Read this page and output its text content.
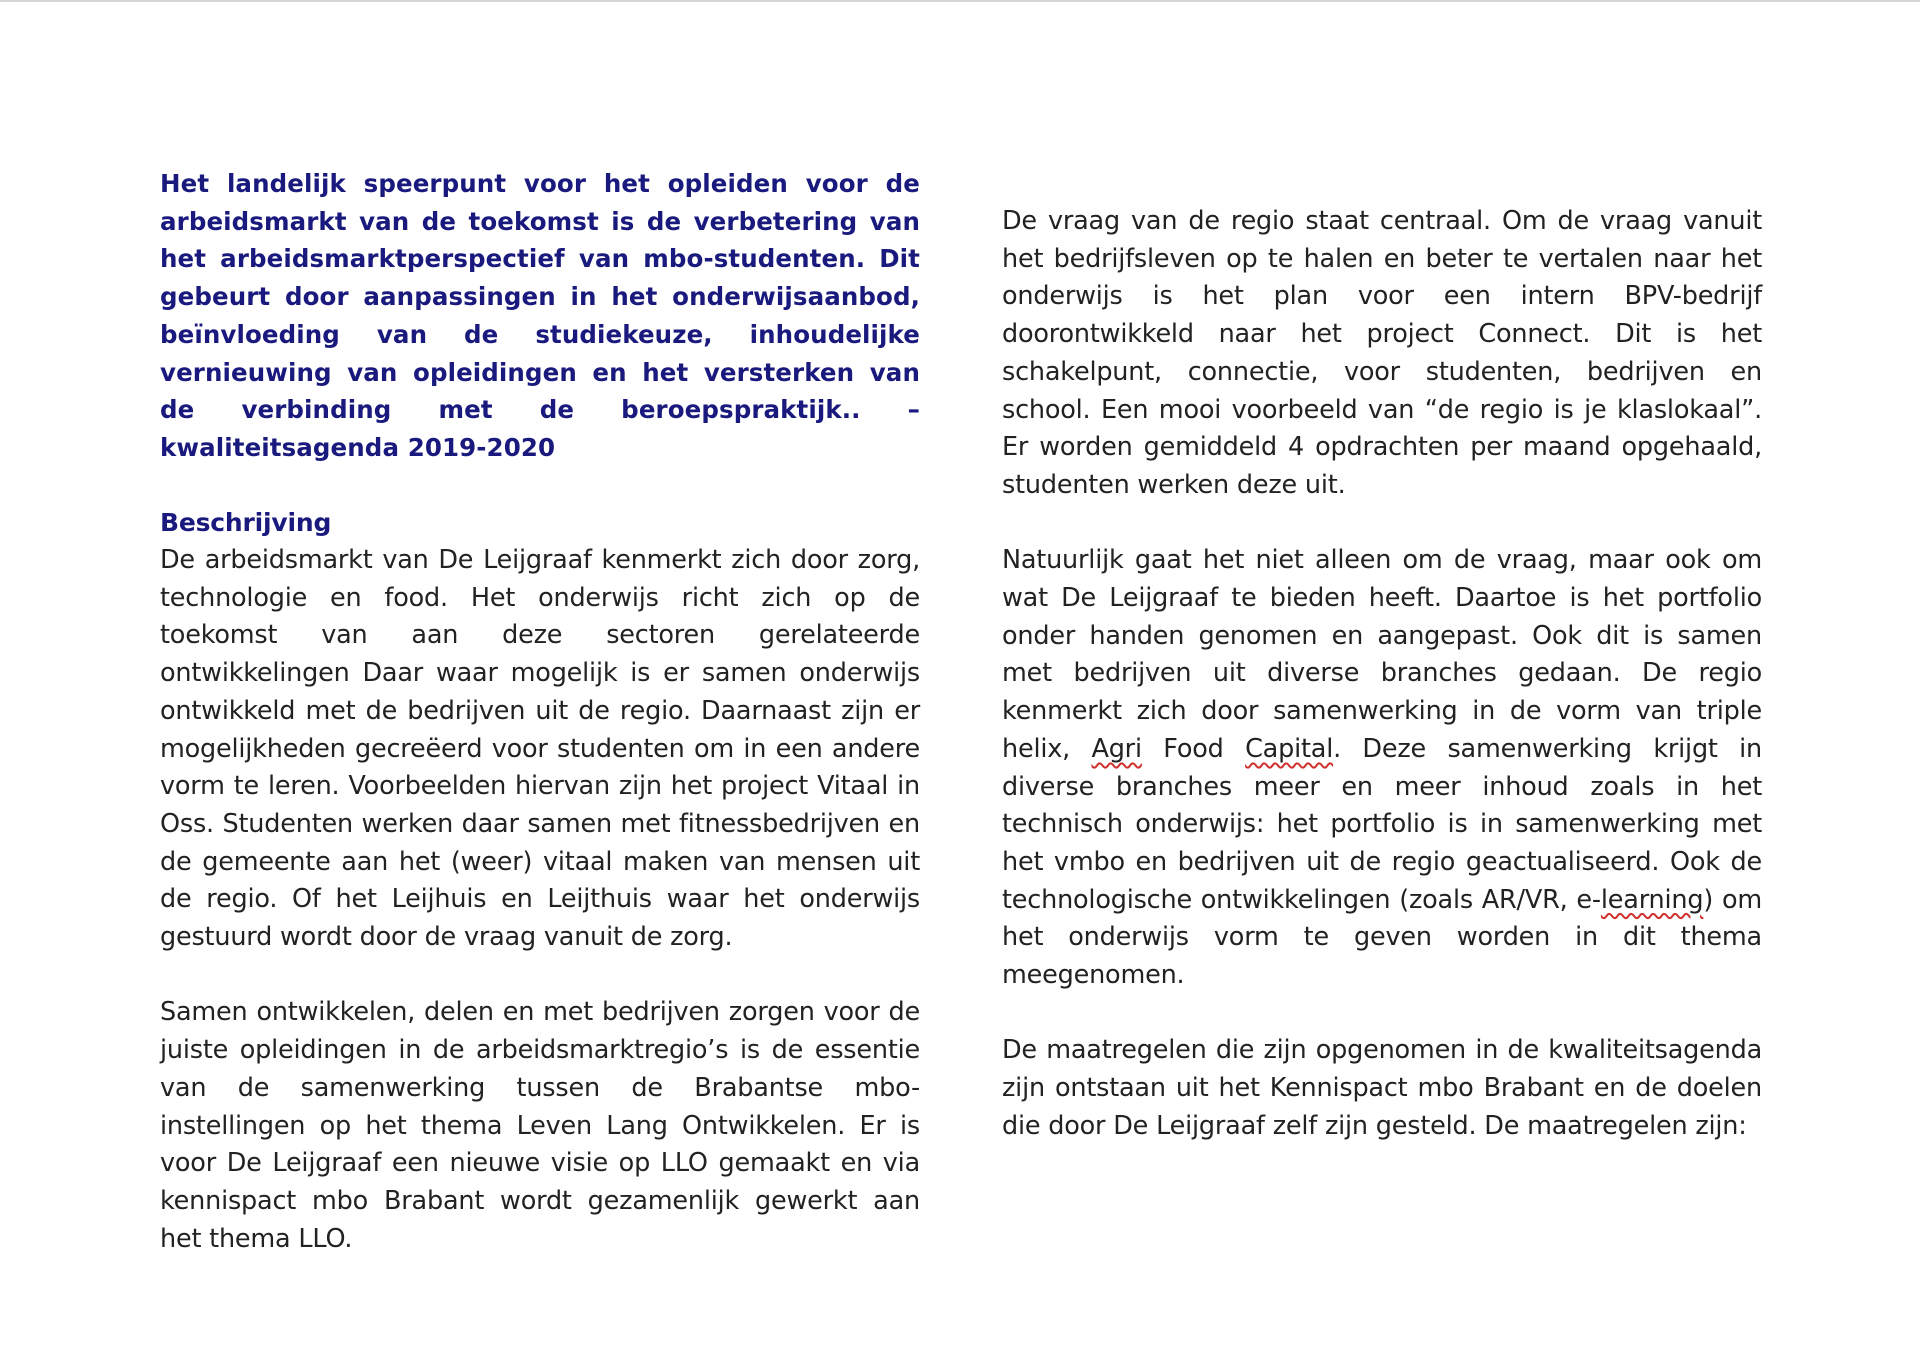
Het landelijk speerpunt voor het opleiden voor de arbeidsmarkt van de toekomst is de verbetering van het arbeidsmarktperspectief van mbo-studenten. Dit gebeurt door aanpassingen in het onderwijsaanbod, beïnvloeding van de studiekeuze, inhoudelijke vernieuwing van opleidingen en het versterken van de verbinding met de beroepspraktijk.. – kwaliteitsagenda 2019-2020

Beschrijving

De arbeidsmarkt van De Leijgraaf kenmerkt zich door zorg, technologie en food. Het onderwijs richt zich op de toekomst van aan deze sectoren gerelateerde ontwikkelingen Daar waar mogelijk is er samen onderwijs ontwikkeld met de bedrijven uit de regio. Daarnaast zijn er mogelijkheden gecreëerd voor studenten om in een andere vorm te leren. Voorbeelden hiervan zijn het project Vitaal in Oss. Studenten werken daar samen met fitnessbedrijven en de gemeente aan het (weer) vitaal maken van mensen uit de regio. Of het Leijhuis en Leijthuis waar het onderwijs gestuurd wordt door de vraag vanuit de zorg.

Samen ontwikkelen, delen en met bedrijven zorgen voor de juiste opleidingen in de arbeidsmarktregio’s is de essentie van de samenwerking tussen de Brabantse mbo-instellingen op het thema Leven Lang Ontwikkelen. Er is voor De Leijgraaf een nieuwe visie op LLO gemaakt en via kennispact mbo Brabant wordt gezamenlijk gewerkt aan het thema LLO.

De vraag van de regio staat centraal. Om de vraag vanuit het bedrijfsleven op te halen en beter te vertalen naar het onderwijs is het plan voor een intern BPV-bedrijf doorontwikkeld naar het project Connect. Dit is het schakelpunt, connectie, voor studenten, bedrijven en school. Een mooi voorbeeld van “de regio is je klaslokaal”. Er worden gemiddeld 4 opdrachten per maand opgehaald, studenten werken deze uit.

Natuurlijk gaat het niet alleen om de vraag, maar ook om wat De Leijgraaf te bieden heeft. Daartoe is het portfolio onder handen genomen en aangepast. Ook dit is samen met bedrijven uit diverse branches gedaan. De regio kenmerkt zich door samenwerking in de vorm van triple helix, Agri Food Capital. Deze samenwerking krijgt in diverse branches meer en meer inhoud zoals in het technisch onderwijs: het portfolio is in samenwerking met het vmbo en bedrijven uit de regio geactualiseerd. Ook de technologische ontwikkelingen (zoals AR/VR, e-learning) om het onderwijs vorm te geven worden in dit thema meegenomen.

De maatregelen die zijn opgenomen in de kwaliteitsagenda zijn ontstaan uit het Kennispact mbo Brabant en de doelen die door De Leijgraaf zelf zijn gesteld. De maatregelen zijn:
